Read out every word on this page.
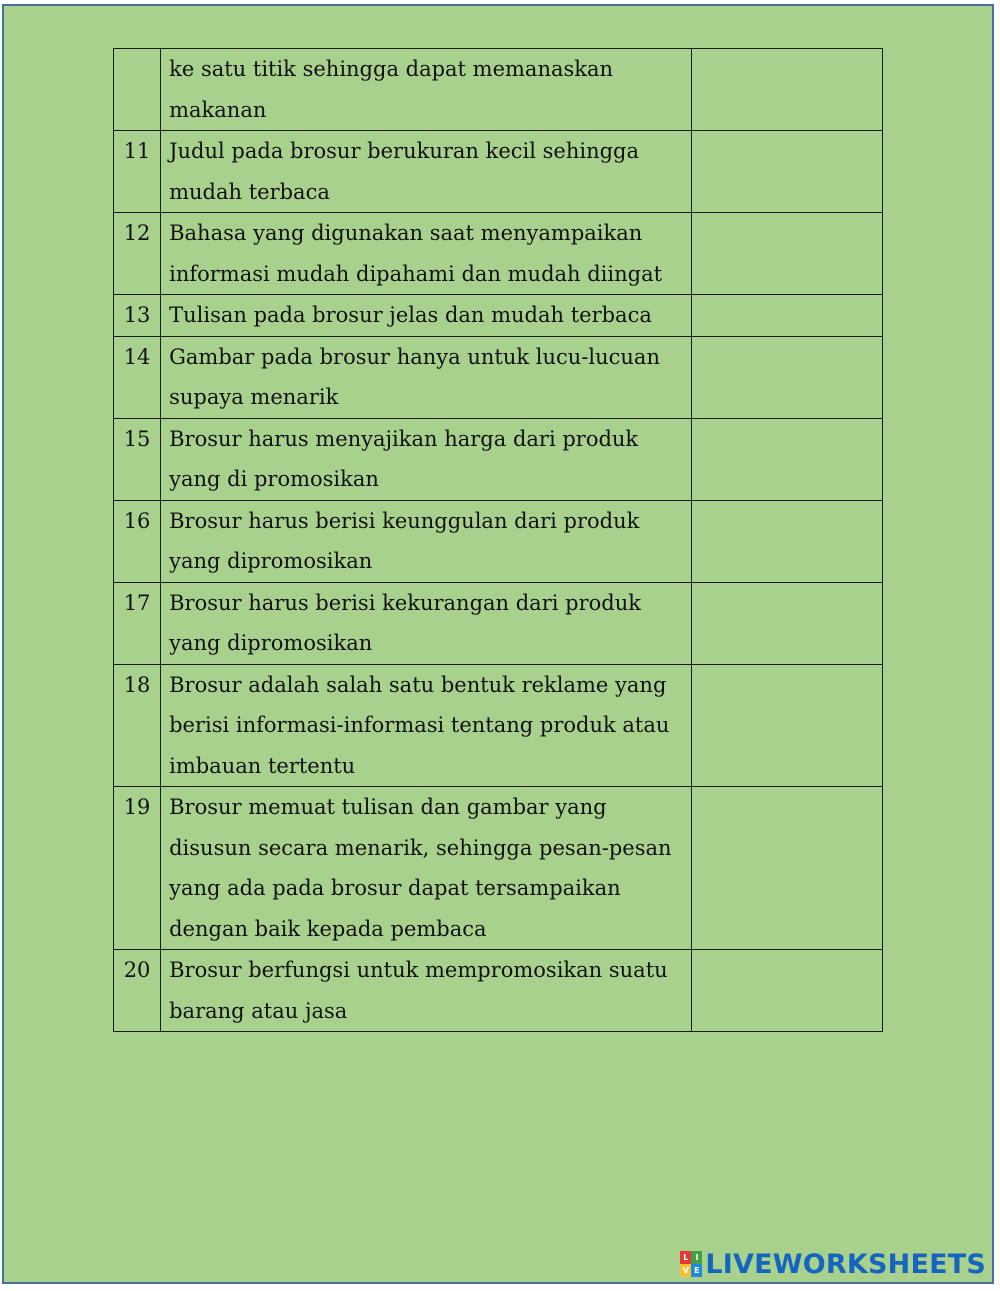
	ke satu titik sehingga dapat memanaskan makanan	

11	Judul pada brosur berukuran kecil sehingga mudah terbaca	

12	Bahasa yang digunakan saat menyampaikan informasi mudah dipahami dan mudah diingat	

13	Tulisan pada brosur jelas dan mudah terbaca	

14	Gambar pada brosur hanya untuk lucu-lucuan supaya menarik	

15	Brosur harus menyajikan harga dari produk yang di promosikan	

16	Brosur harus berisi keunggulan dari produk yang dipromosikan	

17	Brosur harus berisi kekurangan dari produk yang dipromosikan	

18	Brosur adalah salah satu bentuk reklame yang berisi informasi-informasi tentang produk atau imbauan tertentu	

19	Brosur memuat tulisan dan gambar yang disusun secara menarik, sehingga pesan-pesan yang ada pada brosur dapat tersampaikan dengan baik kepada pembaca	

20	Brosur berfungsi untuk mempromosikan suatu barang atau jasa	
L I
V E LIVEWORKSHEETS
